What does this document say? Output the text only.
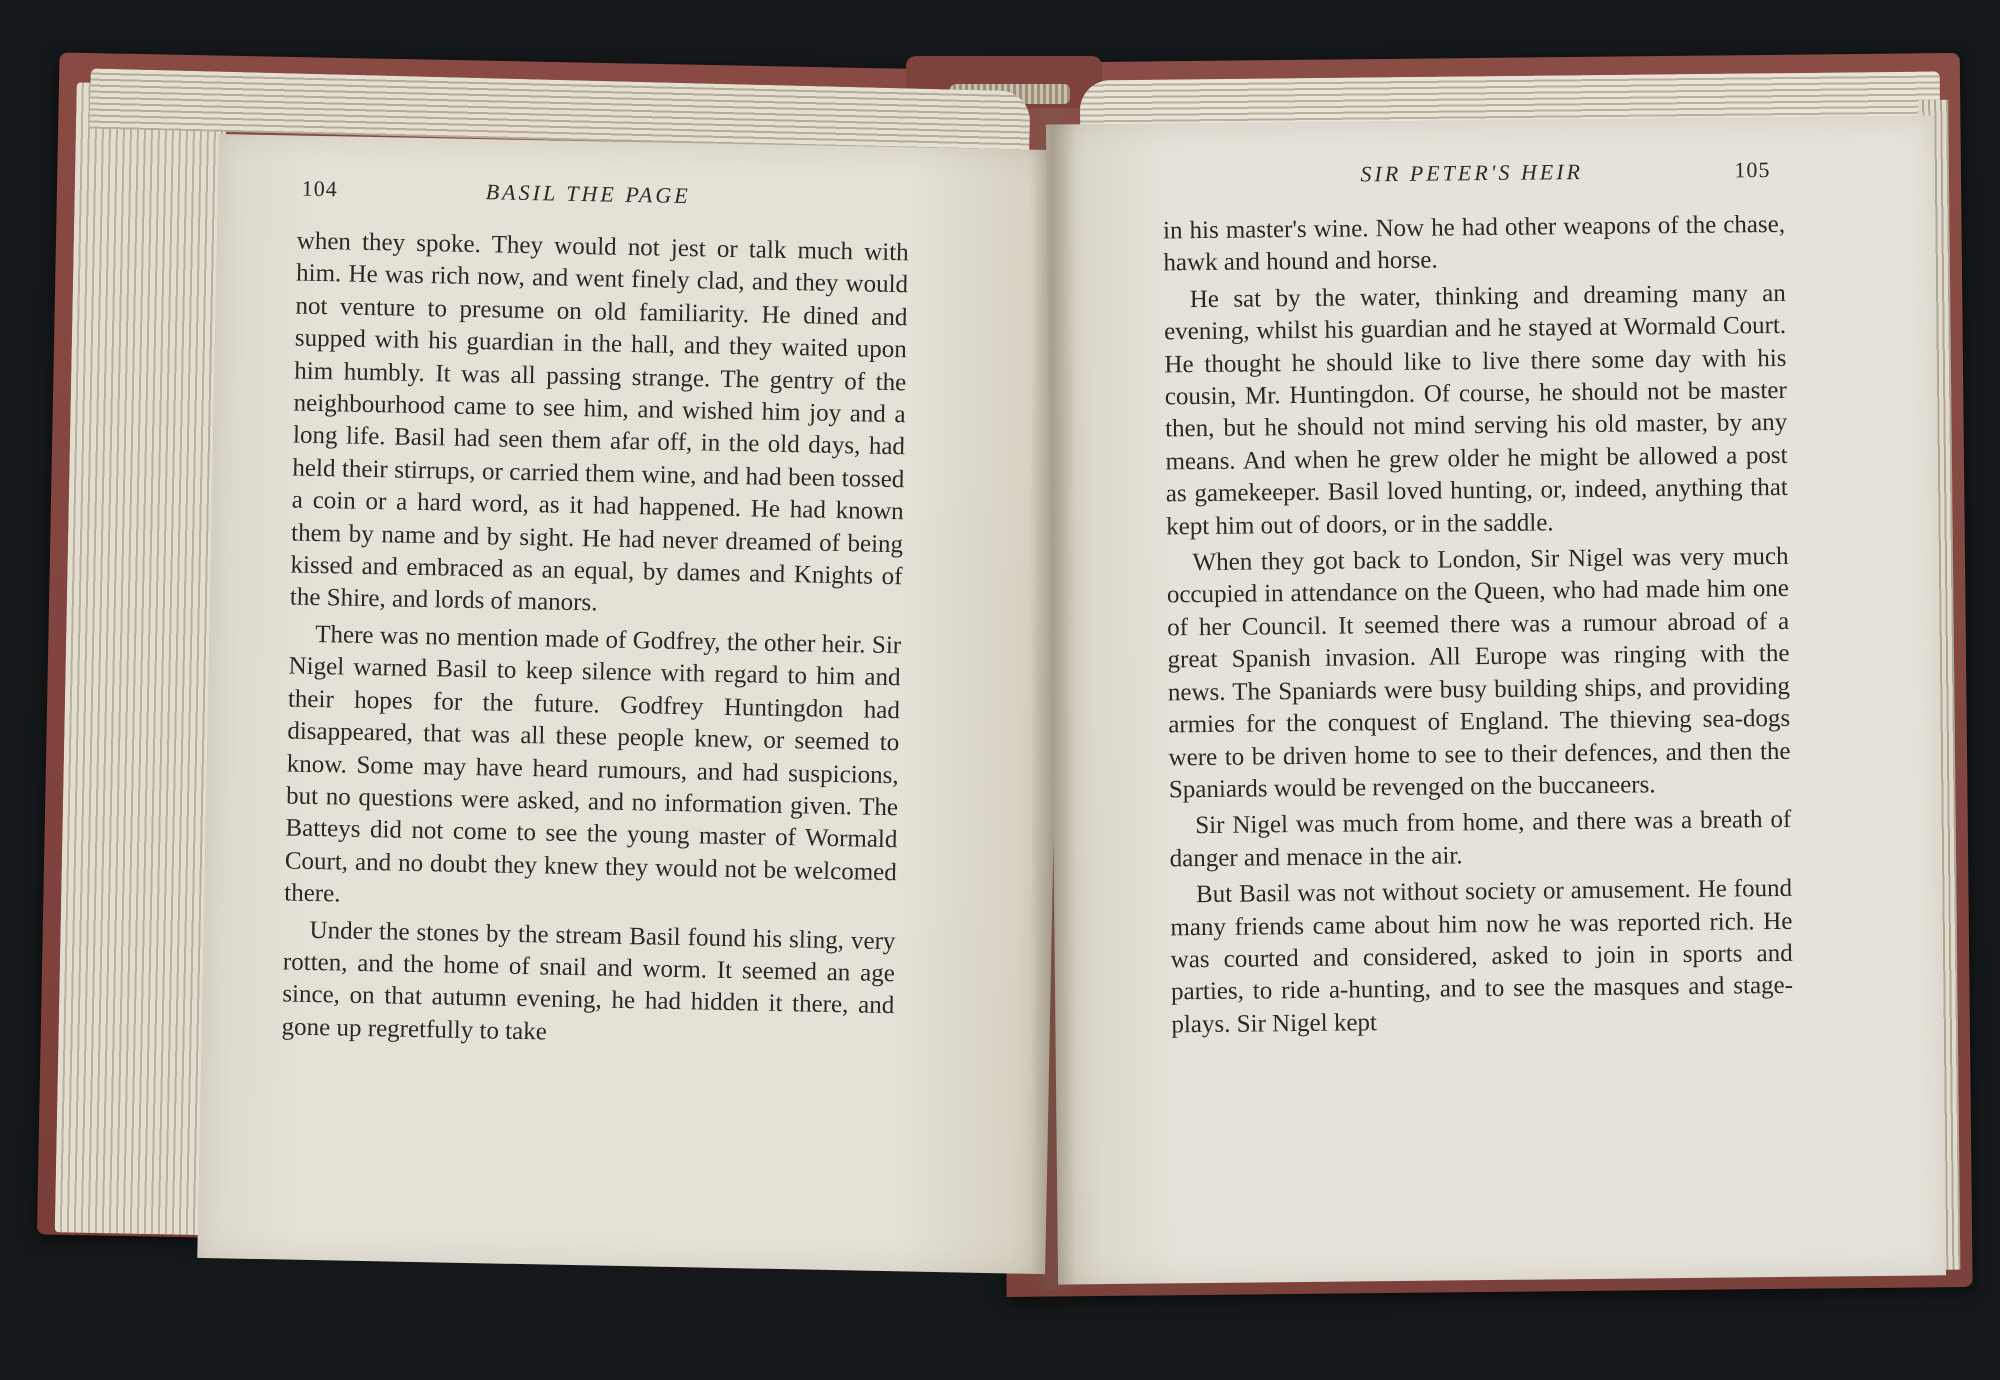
104	BASIL THE PAGE

when they spoke. They would not jest or talk much with him. He was rich now, and went finely clad, and they would not venture to presume on old familiarity. He dined and supped with his guardian in the hall, and they waited upon him humbly. It was all passing strange. The gentry of the neighbourhood came to see him, and wished him joy and a long life. Basil had seen them afar off, in the old days, had held their stirrups, or carried them wine, and had been tossed a coin or a hard word, as it had happened. He had known them by name and by sight. He had never dreamed of being kissed and embraced as an equal, by dames and Knights of the Shire, and lords of manors.

There was no mention made of Godfrey, the other heir. Sir Nigel warned Basil to keep silence with regard to him and their hopes for the future. Godfrey Huntingdon had disappeared, that was all these people knew, or seemed to know. Some may have heard rumours, and had suspicions, but no questions were asked, and no information given. The Batteys did not come to see the young master of Wormald Court, and no doubt they knew they would not be welcomed there.

Under the stones by the stream Basil found his sling, very rotten, and the home of snail and worm. It seemed an age since, on that autumn evening, he had hidden it there, and gone up regretfully to take

SIR PETER'S HEIR	105

in his master's wine. Now he had other weapons of the chase, hawk and hound and horse.

He sat by the water, thinking and dreaming many an evening, whilst his guardian and he stayed at Wormald Court. He thought he should like to live there some day with his cousin, Mr. Huntingdon. Of course, he should not be master then, but he should not mind serving his old master, by any means. And when he grew older he might be allowed a post as gamekeeper. Basil loved hunting, or, indeed, anything that kept him out of doors, or in the saddle.

When they got back to London, Sir Nigel was very much occupied in attendance on the Queen, who had made him one of her Council. It seemed there was a rumour abroad of a great Spanish invasion. All Europe was ringing with the news. The Spaniards were busy building ships, and providing armies for the conquest of England. The thieving sea-dogs were to be driven home to see to their defences, and then the Spaniards would be revenged on the buccaneers.

Sir Nigel was much from home, and there was a breath of danger and menace in the air.

But Basil was not without society or amusement. He found many friends came about him now he was reported rich. He was courted and considered, asked to join in sports and parties, to ride a-hunting, and to see the masques and stage-plays. Sir Nigel kept
